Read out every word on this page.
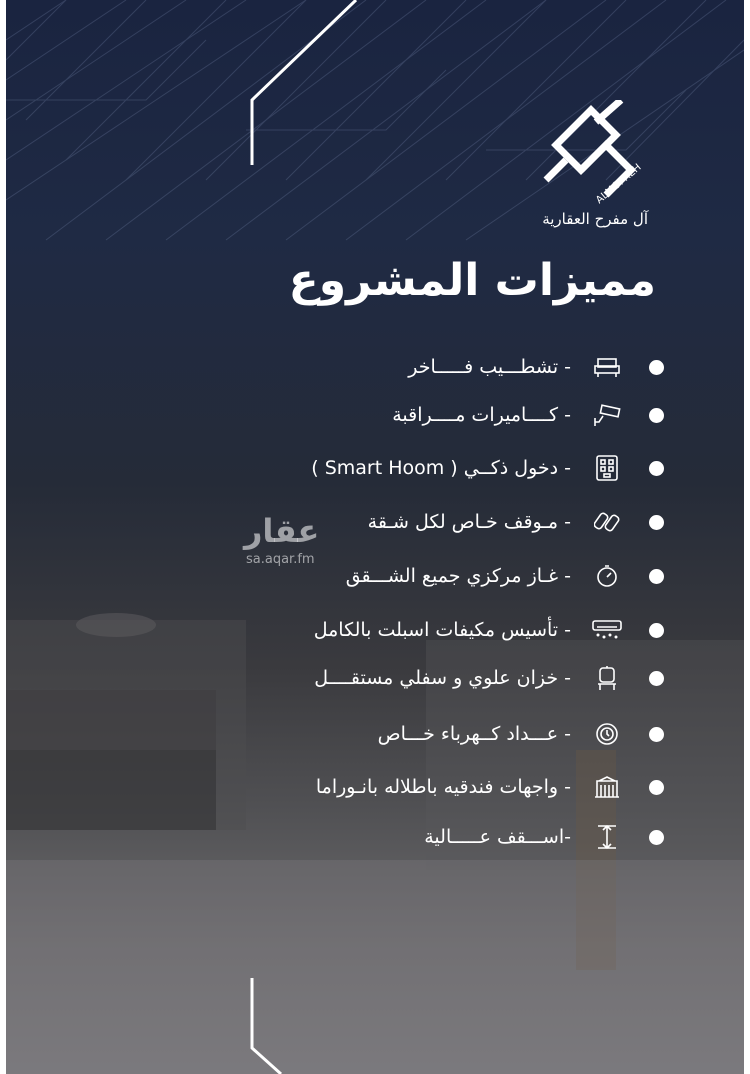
ALMOFREH
آل مفرح العقارية
مميزات المشروع
- تشطـــيب فـــــاخر
- كــــاميرات مــــراقبة
- دخول ذكــي ( Smart Hoom )
- مـوقف خـاص لكل شـقة
- غـاز مركزي جميع الشـــقق
- تأسيس مكيفات اسبلت بالكامل
- خزان علوي و سفلي مستقــــل
- عـــداد كــهرباء خـــاص
- واجهات فندقيه باطلاله بانـوراما
-اســـقف عـــــالية
عقار
sa.aqar.fm
